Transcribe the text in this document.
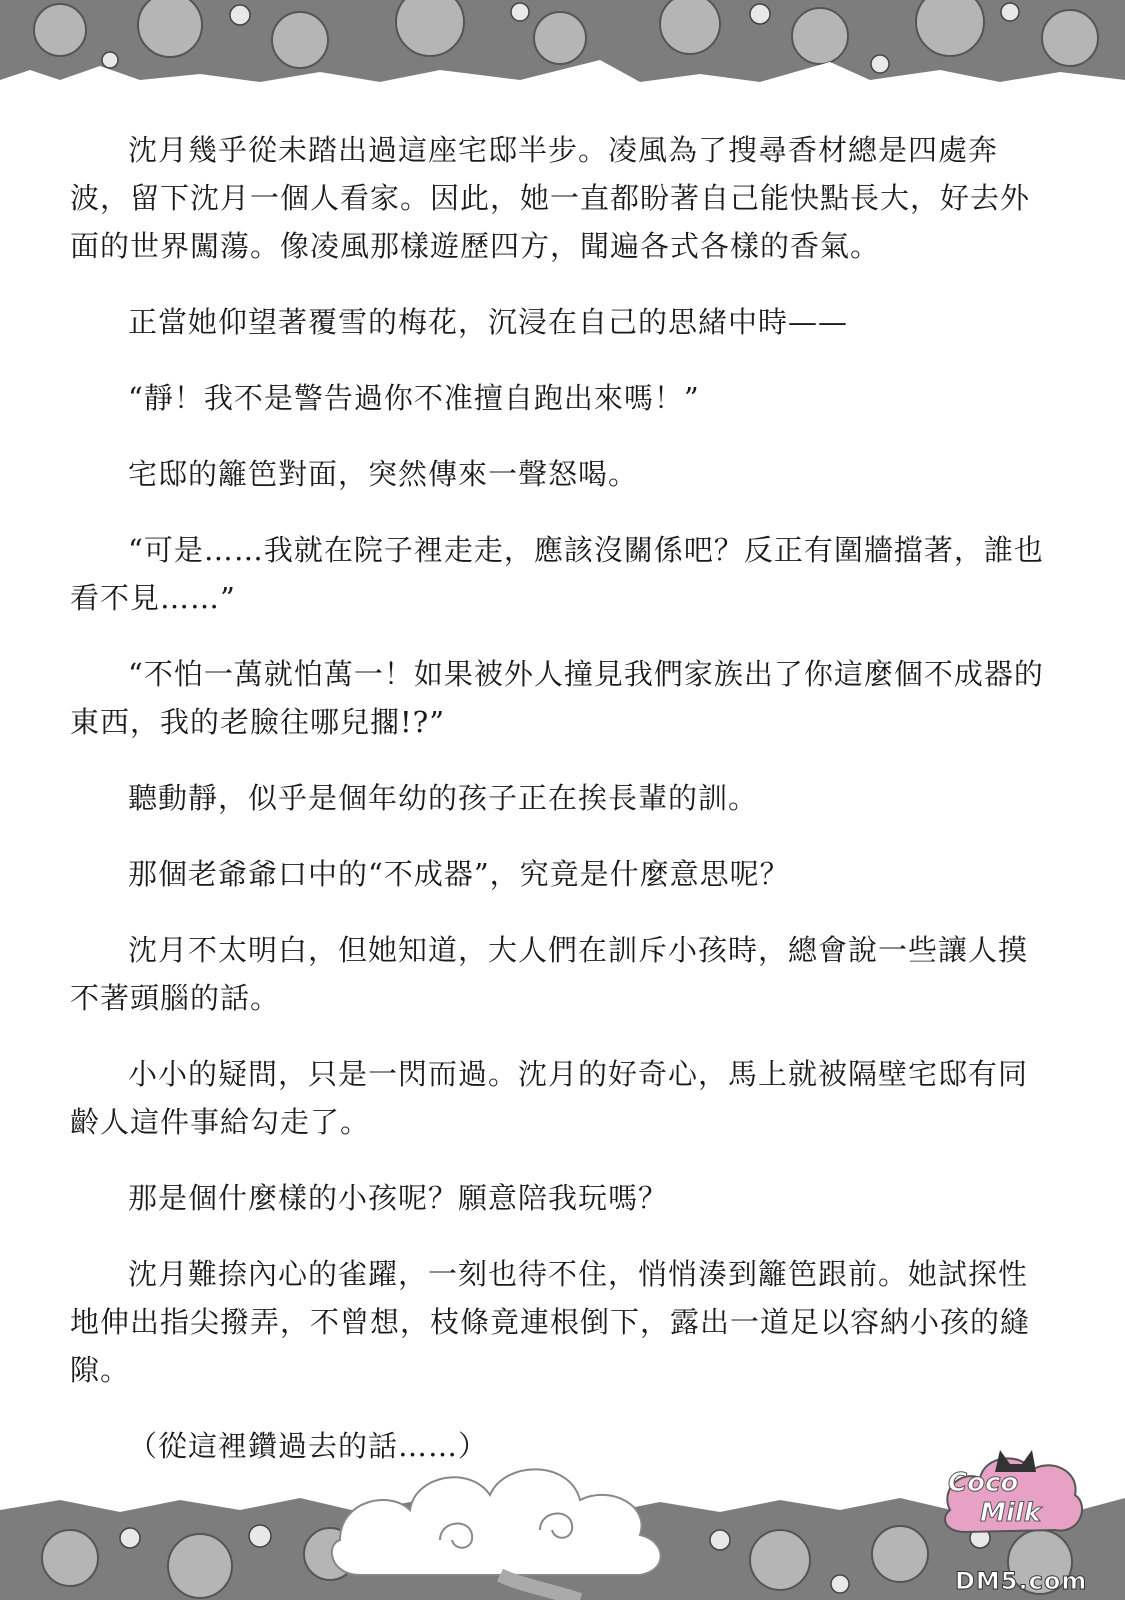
沈月幾乎從未踏出過這座宅邸半步。凌風為了搜尋香材總是四處奔波，留下沈月一個人看家。因此，她一直都盼著自己能快點長大，好去外面的世界闖蕩。像凌風那樣遊歷四方，聞遍各式各樣的香氣。

正當她仰望著覆雪的梅花，沉浸在自己的思緒中時——

“靜！我不是警告過你不准擅自跑出來嗎！”

宅邸的籬笆對面，突然傳來一聲怒喝。

“可是……我就在院子裡走走，應該沒關係吧？反正有圍牆擋著，誰也看不見……”

“不怕一萬就怕萬一！如果被外人撞見我們家族出了你這麼個不成器的東西，我的老臉往哪兒擱!?”

聽動靜，似乎是個年幼的孩子正在挨長輩的訓。

那個老爺爺口中的“不成器”，究竟是什麼意思呢？

沈月不太明白，但她知道，大人們在訓斥小孩時，總會說一些讓人摸不著頭腦的話。

小小的疑問，只是一閃而過。沈月的好奇心，馬上就被隔壁宅邸有同齡人這件事給勾走了。

那是個什麼樣的小孩呢？願意陪我玩嗎？

沈月難捺內心的雀躍，一刻也待不住，悄悄湊到籬笆跟前。她試探性地伸出指尖撥弄，不曾想，枝條竟連根倒下，露出一道足以容納小孩的縫隙。

（從這裡鑽過去的話……）

Coco
Milk
DM5.com
